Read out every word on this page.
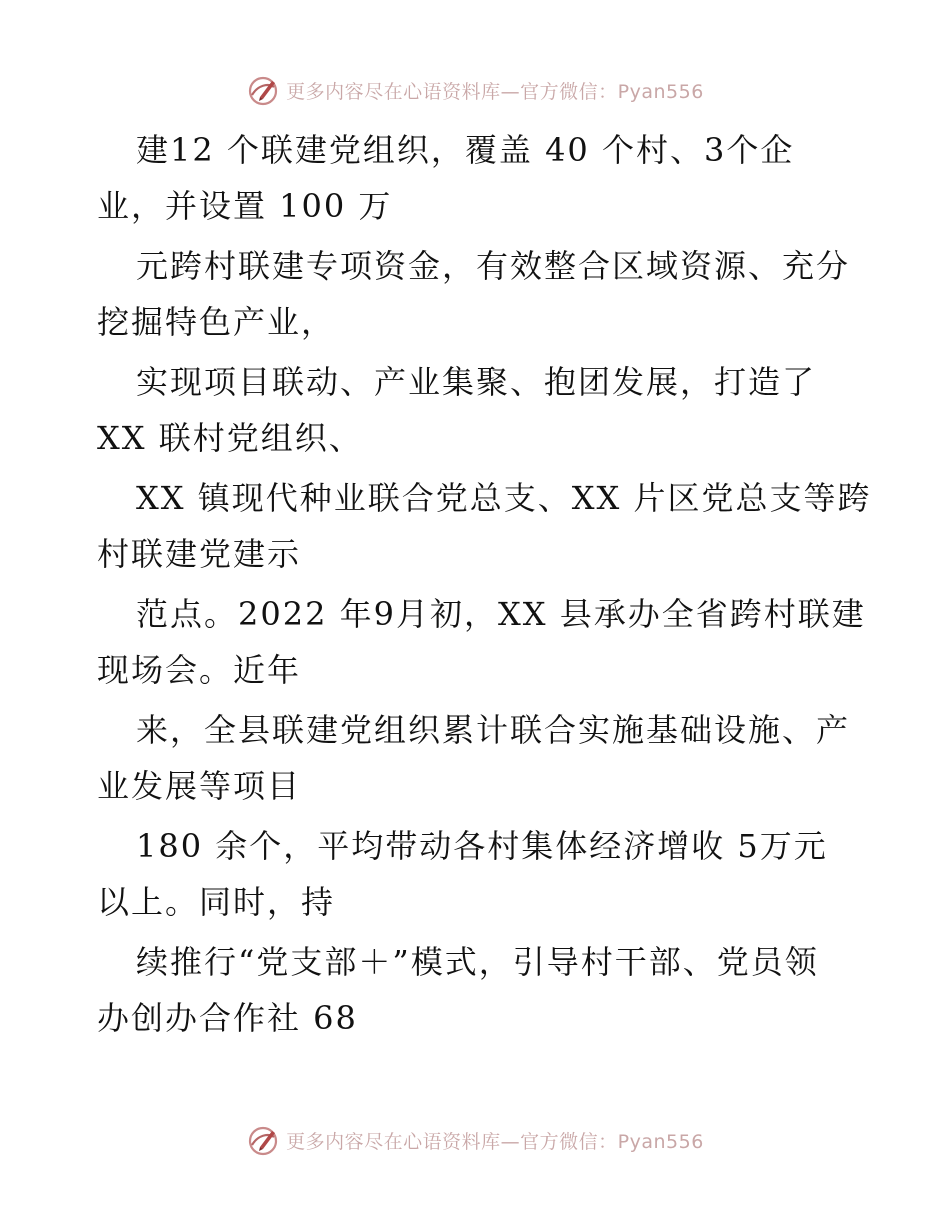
更多内容尽在心语资料库—官方微信：Pyan556
建12 个联建党组织，覆盖 40 个村、3个企
业，并设置 100 万
元跨村联建专项资金，有效整合区域资源、充分
挖掘特色产业，
实现项目联动、产业集聚、抱团发展，打造了
XX 联村党组织、
XX 镇现代种业联合党总支、XX 片区党总支等跨
村联建党建示
范点。2022 年9月初，XX 县承办全省跨村联建
现场会。近年
来，全县联建党组织累计联合实施基础设施、产
业发展等项目
180 余个，平均带动各村集体经济增收 5万元
以上。同时，持
续推行“党支部＋”模式，引导村干部、党员领
办创办合作社 68
更多内容尽在心语资料库—官方微信：Pyan556
